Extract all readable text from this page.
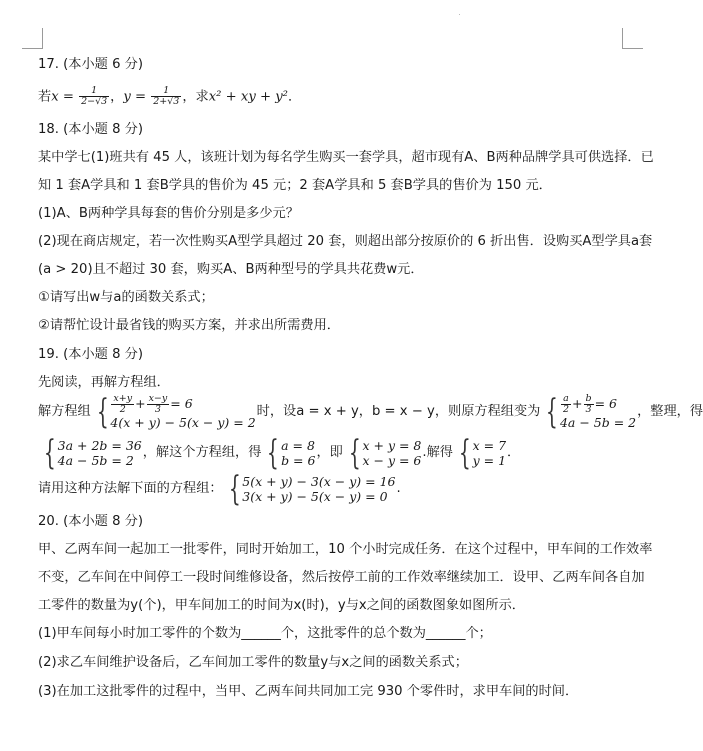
17. (本小题 6 分)
若$x = \frac{1}{2-√3}$ ，$y = \frac{1}{2+√3}$ ，求x² + xy + y²．
18. (本小题 8 分)
某中学七(1)班共有 45 人，该班计划为每名学生购买一套学具，超市现有A、B两种品牌学具可供选择．已
知 1 套A学具和 1 套B学具的售价为 45 元；2 套A学具和 5 套B学具的售价为 150 元．
(1)A、B两种学具每套的售价分别是多少元？
(2)现在商店规定，若一次性购买A型学具超过 20 套，则超出部分按原价的 6 折出售．设购买A型学具a套
(a > 20)且不超过 30 套，购买A、B两种型号的学具共花费w元．
①请写出w与a的函数关系式；
②请帮忙设计最省钱的购买方案，并求出所需费用．
19. (本小题 8 分)
先阅读，再解方程组．
解方程组 { $\frac{x+y}{2} + \frac{x-y}{3} = 6$
4(x + y) − 5(x − y) = 2
时，设a = x + y，b = x − y，则原方程组变为 { $\frac{a}{2} + \frac{b}{3} = 6$
4a − 5b = 2
，整理，得
{ 3a + 2b = 36
4a − 5b = 2
，解这个方程组，得 { a = 8
b = 6
，即 { x + y = 8
x − y = 6
.解得 { x = 7
y = 1
．
请用这种方法解下面的方程组： { 5(x + y) − 3(x − y) = 16
3(x + y) − 5(x − y) = 0
.
20. (本小题 8 分)
甲、乙两车间一起加工一批零件，同时开始加工，10 个小时完成任务．在这个过程中，甲车间的工作效率
不变，乙车间在中间停工一段时间维修设备，然后按停工前的工作效率继续加工．设甲、乙两车间各自加
工零件的数量为y(个)，甲车间加工的时间为x(时)，y与x之间的函数图象如图所示．
(1)甲车间每小时加工零件的个数为______个，这批零件的总个数为______个；
(2)求乙车间维护设备后，乙车间加工零件的数量y与x之间的函数关系式；
(3)在加工这批零件的过程中，当甲、乙两车间共同加工完 930 个零件时，求甲车间的时间．
